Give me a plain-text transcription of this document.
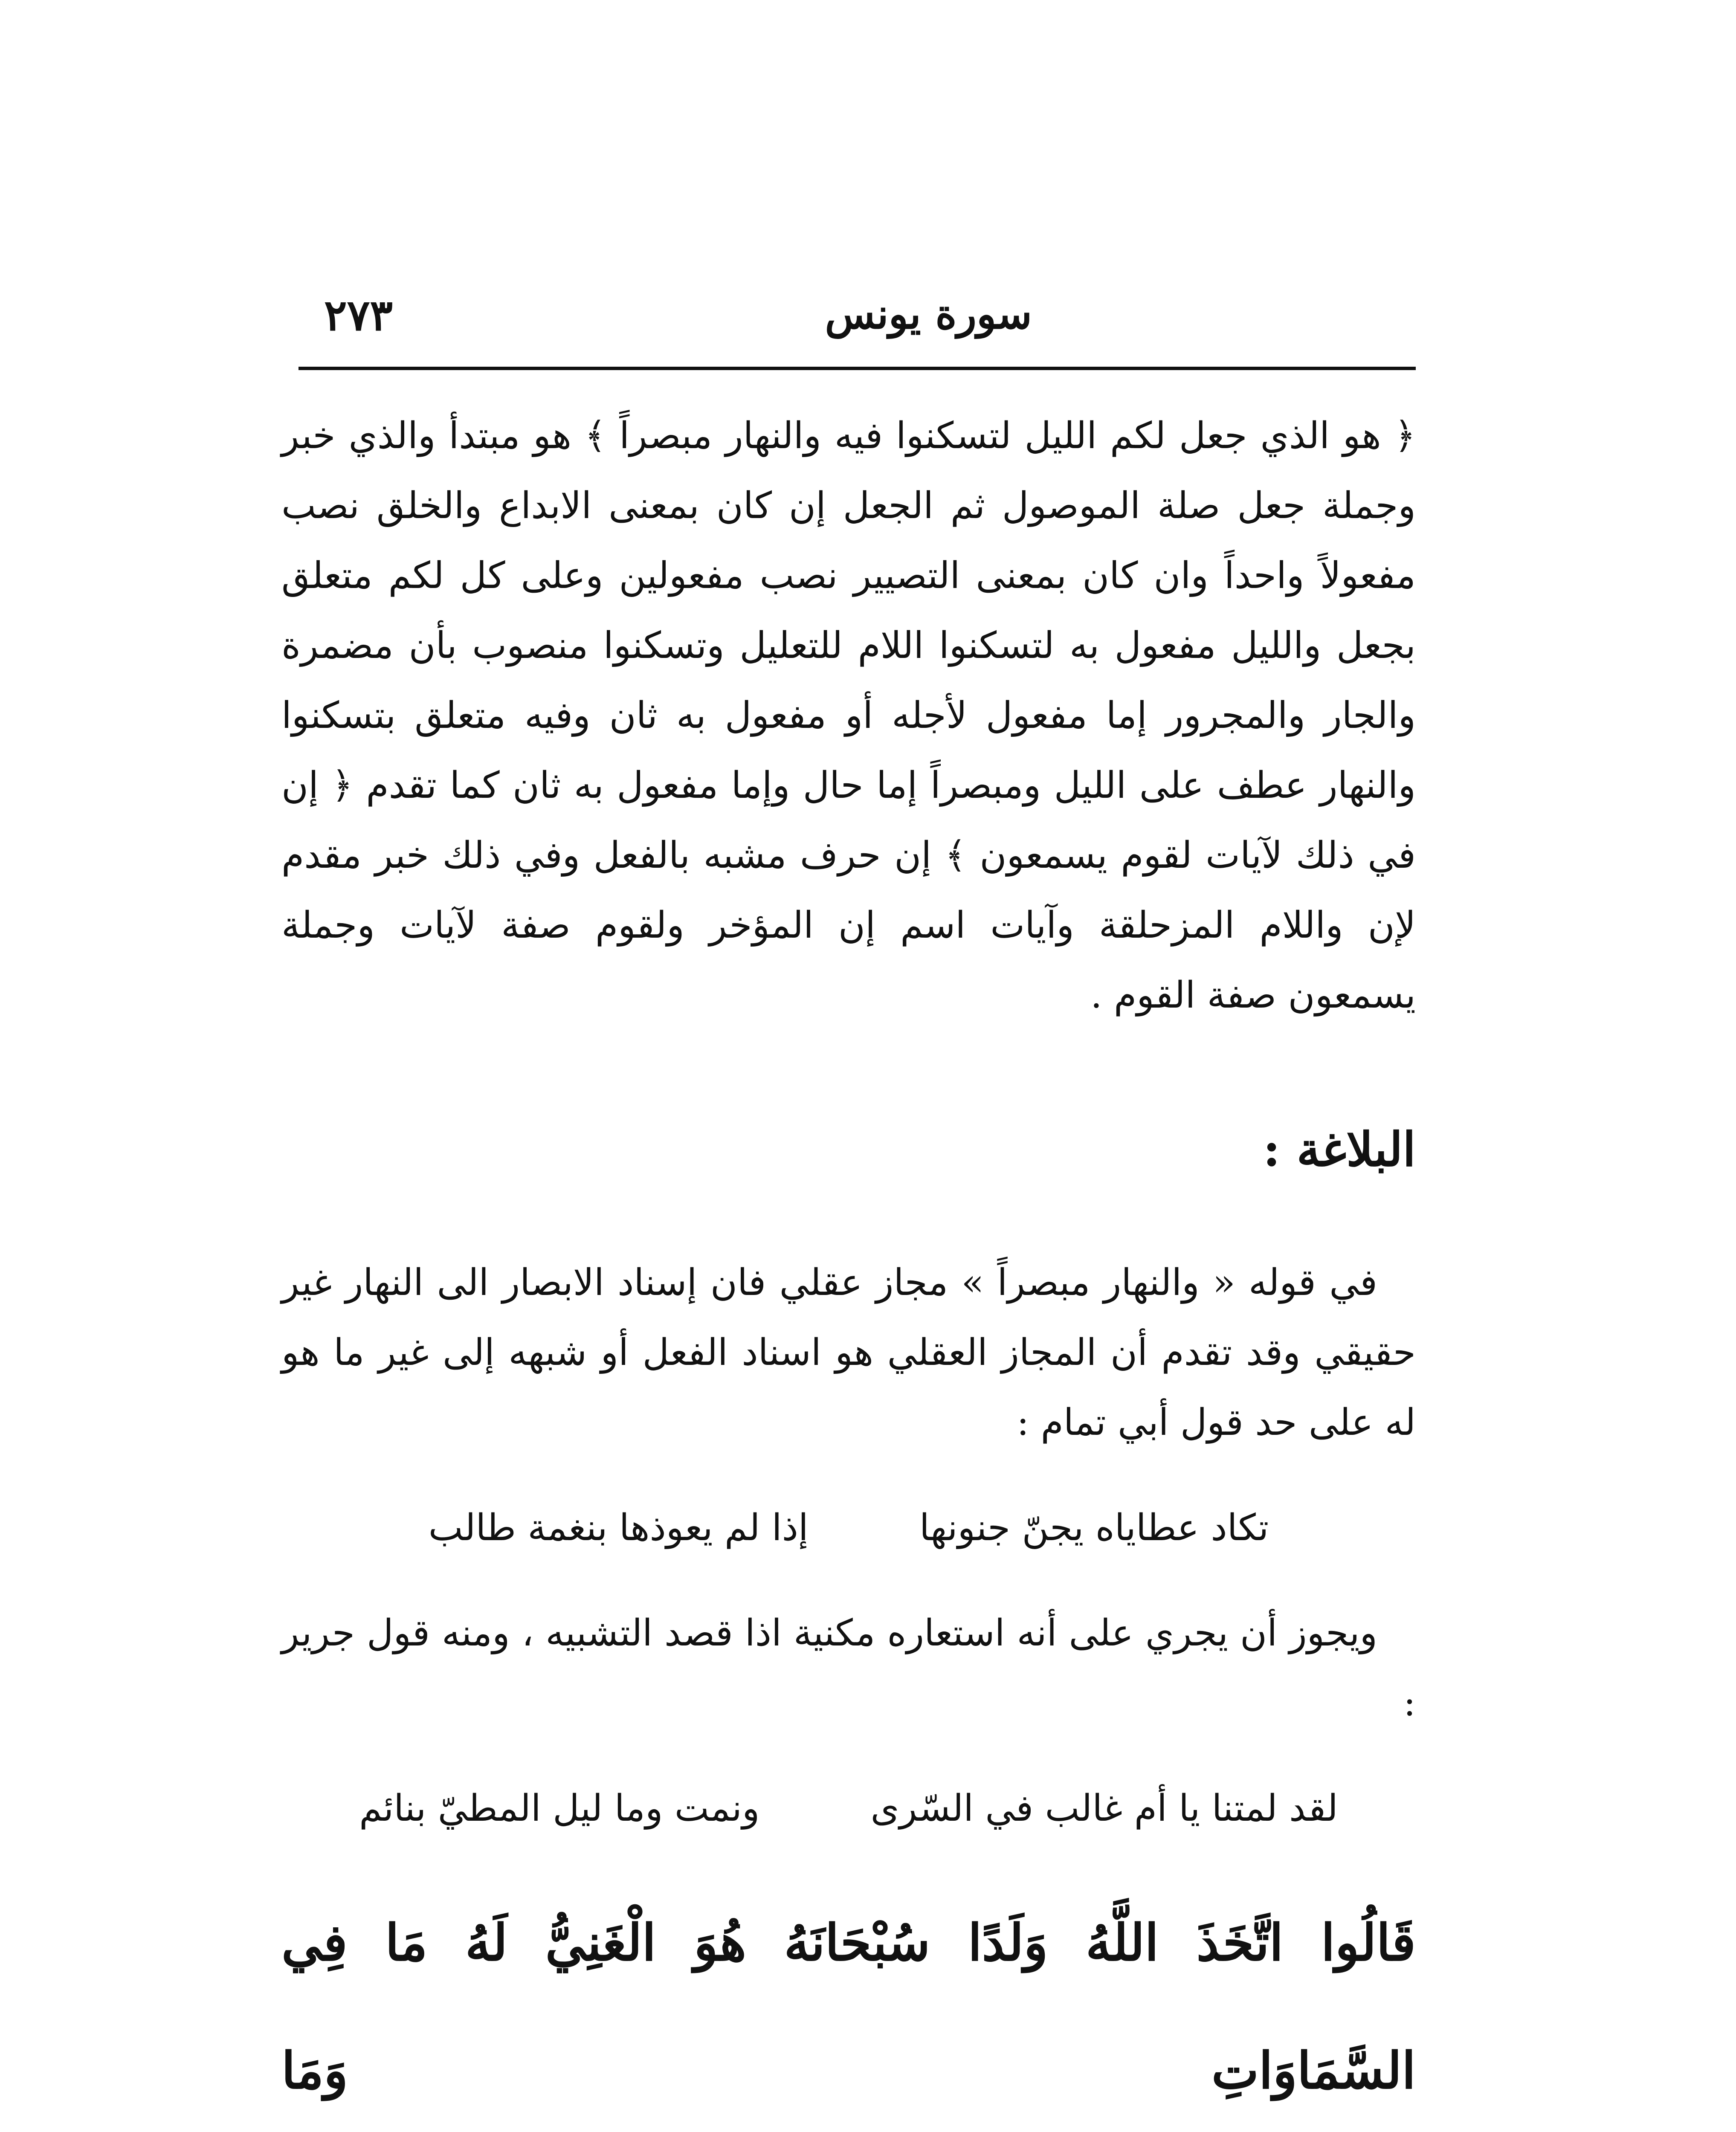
سورة يونس
٢٧٣

﴿ هو الذي جعل لكم الليل لتسكنوا فيه والنهار مبصراً ﴾ هو مبتدأ والذي خبر وجملة جعل صلة الموصول ثم الجعل إن كان بمعنى الابداع والخلق نصب مفعولاً واحداً وان كان بمعنى التصيير نصب مفعولين وعلى كل لكم متعلق بجعل والليل مفعول به لتسكنوا اللام للتعليل وتسكنوا منصوب بأن مضمرة والجار والمجرور إما مفعول لأجله أو مفعول به ثان وفيه متعلق بتسكنوا والنهار عطف على الليل ومبصراً إما حال وإما مفعول به ثان كما تقدم ﴿ إن في ذلك لآيات لقوم يسمعون ﴾ إن حرف مشبه بالفعل وفي ذلك خبر مقدم لإن واللام المزحلقة وآيات اسم إن المؤخر ولقوم صفة لآيات وجملة يسمعون صفة القوم .

البلاغة :

في قوله « والنهار مبصراً » مجاز عقلي فان إسناد الابصار الى النهار غير حقيقي وقد تقدم أن المجاز العقلي هو اسناد الفعل أو شبهه إلى غير ما هو له على حد قول أبي تمام :

تكاد عطاياه يجنّ جنونها
إذا لم يعوذها بنغمة طالب

ويجوز أن يجري على أنه استعاره مكنية اذا قصد التشبيه ، ومنه قول جرير :

لقد لمتنا يا أم غالب في السّرى
ونمت وما ليل المطيّ بنائم
قَالُوا اتَّخَذَ اللَّهُ وَلَدًا سُبْحَانَهُ هُوَ الْغَنِيُّ لَهُ مَا فِي السَّمَاوَاتِ وَمَا
